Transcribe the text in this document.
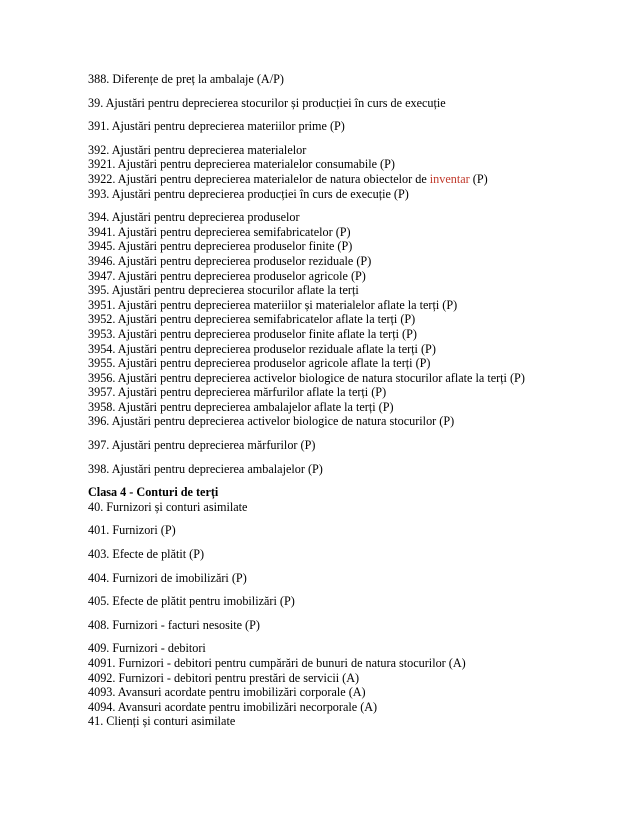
388. Diferențe de preț la ambalaje (A/P)
39. Ajustări pentru deprecierea stocurilor și producției în curs de execuție
391. Ajustări pentru deprecierea materiilor prime (P)
392. Ajustări pentru deprecierea materialelor
3921. Ajustări pentru deprecierea materialelor consumabile (P)
3922. Ajustări pentru deprecierea materialelor de natura obiectelor de inventar (P)
393. Ajustări pentru deprecierea producției în curs de execuție (P)
394. Ajustări pentru deprecierea produselor
3941. Ajustări pentru deprecierea semifabricatelor (P)
3945. Ajustări pentru deprecierea produselor finite (P)
3946. Ajustări pentru deprecierea produselor reziduale (P)
3947. Ajustări pentru deprecierea produselor agricole (P)
395. Ajustări pentru deprecierea stocurilor aflate la terți
3951. Ajustări pentru deprecierea materiilor și materialelor aflate la terți (P)
3952. Ajustări pentru deprecierea semifabricatelor aflate la terți (P)
3953. Ajustări pentru deprecierea produselor finite aflate la terți (P)
3954. Ajustări pentru deprecierea produselor reziduale aflate la terți (P)
3955. Ajustări pentru deprecierea produselor agricole aflate la terți (P)
3956. Ajustări pentru deprecierea activelor biologice de natura stocurilor aflate la terți (P)
3957. Ajustări pentru deprecierea mărfurilor aflate la terți (P)
3958. Ajustări pentru deprecierea ambalajelor aflate la terți (P)
396. Ajustări pentru deprecierea activelor biologice de natura stocurilor (P)
397. Ajustări pentru deprecierea mărfurilor (P)
398. Ajustări pentru deprecierea ambalajelor (P)
Clasa 4 - Conturi de terți
40. Furnizori și conturi asimilate
401. Furnizori (P)
403. Efecte de plătit (P)
404. Furnizori de imobilizări (P)
405. Efecte de plătit pentru imobilizări (P)
408. Furnizori - facturi nesosite (P)
409. Furnizori - debitori
4091. Furnizori - debitori pentru cumpărări de bunuri de natura stocurilor (A)
4092. Furnizori - debitori pentru prestări de servicii (A)
4093. Avansuri acordate pentru imobilizări corporale (A)
4094. Avansuri acordate pentru imobilizări necorporale (A)
41. Clienți și conturi asimilate
